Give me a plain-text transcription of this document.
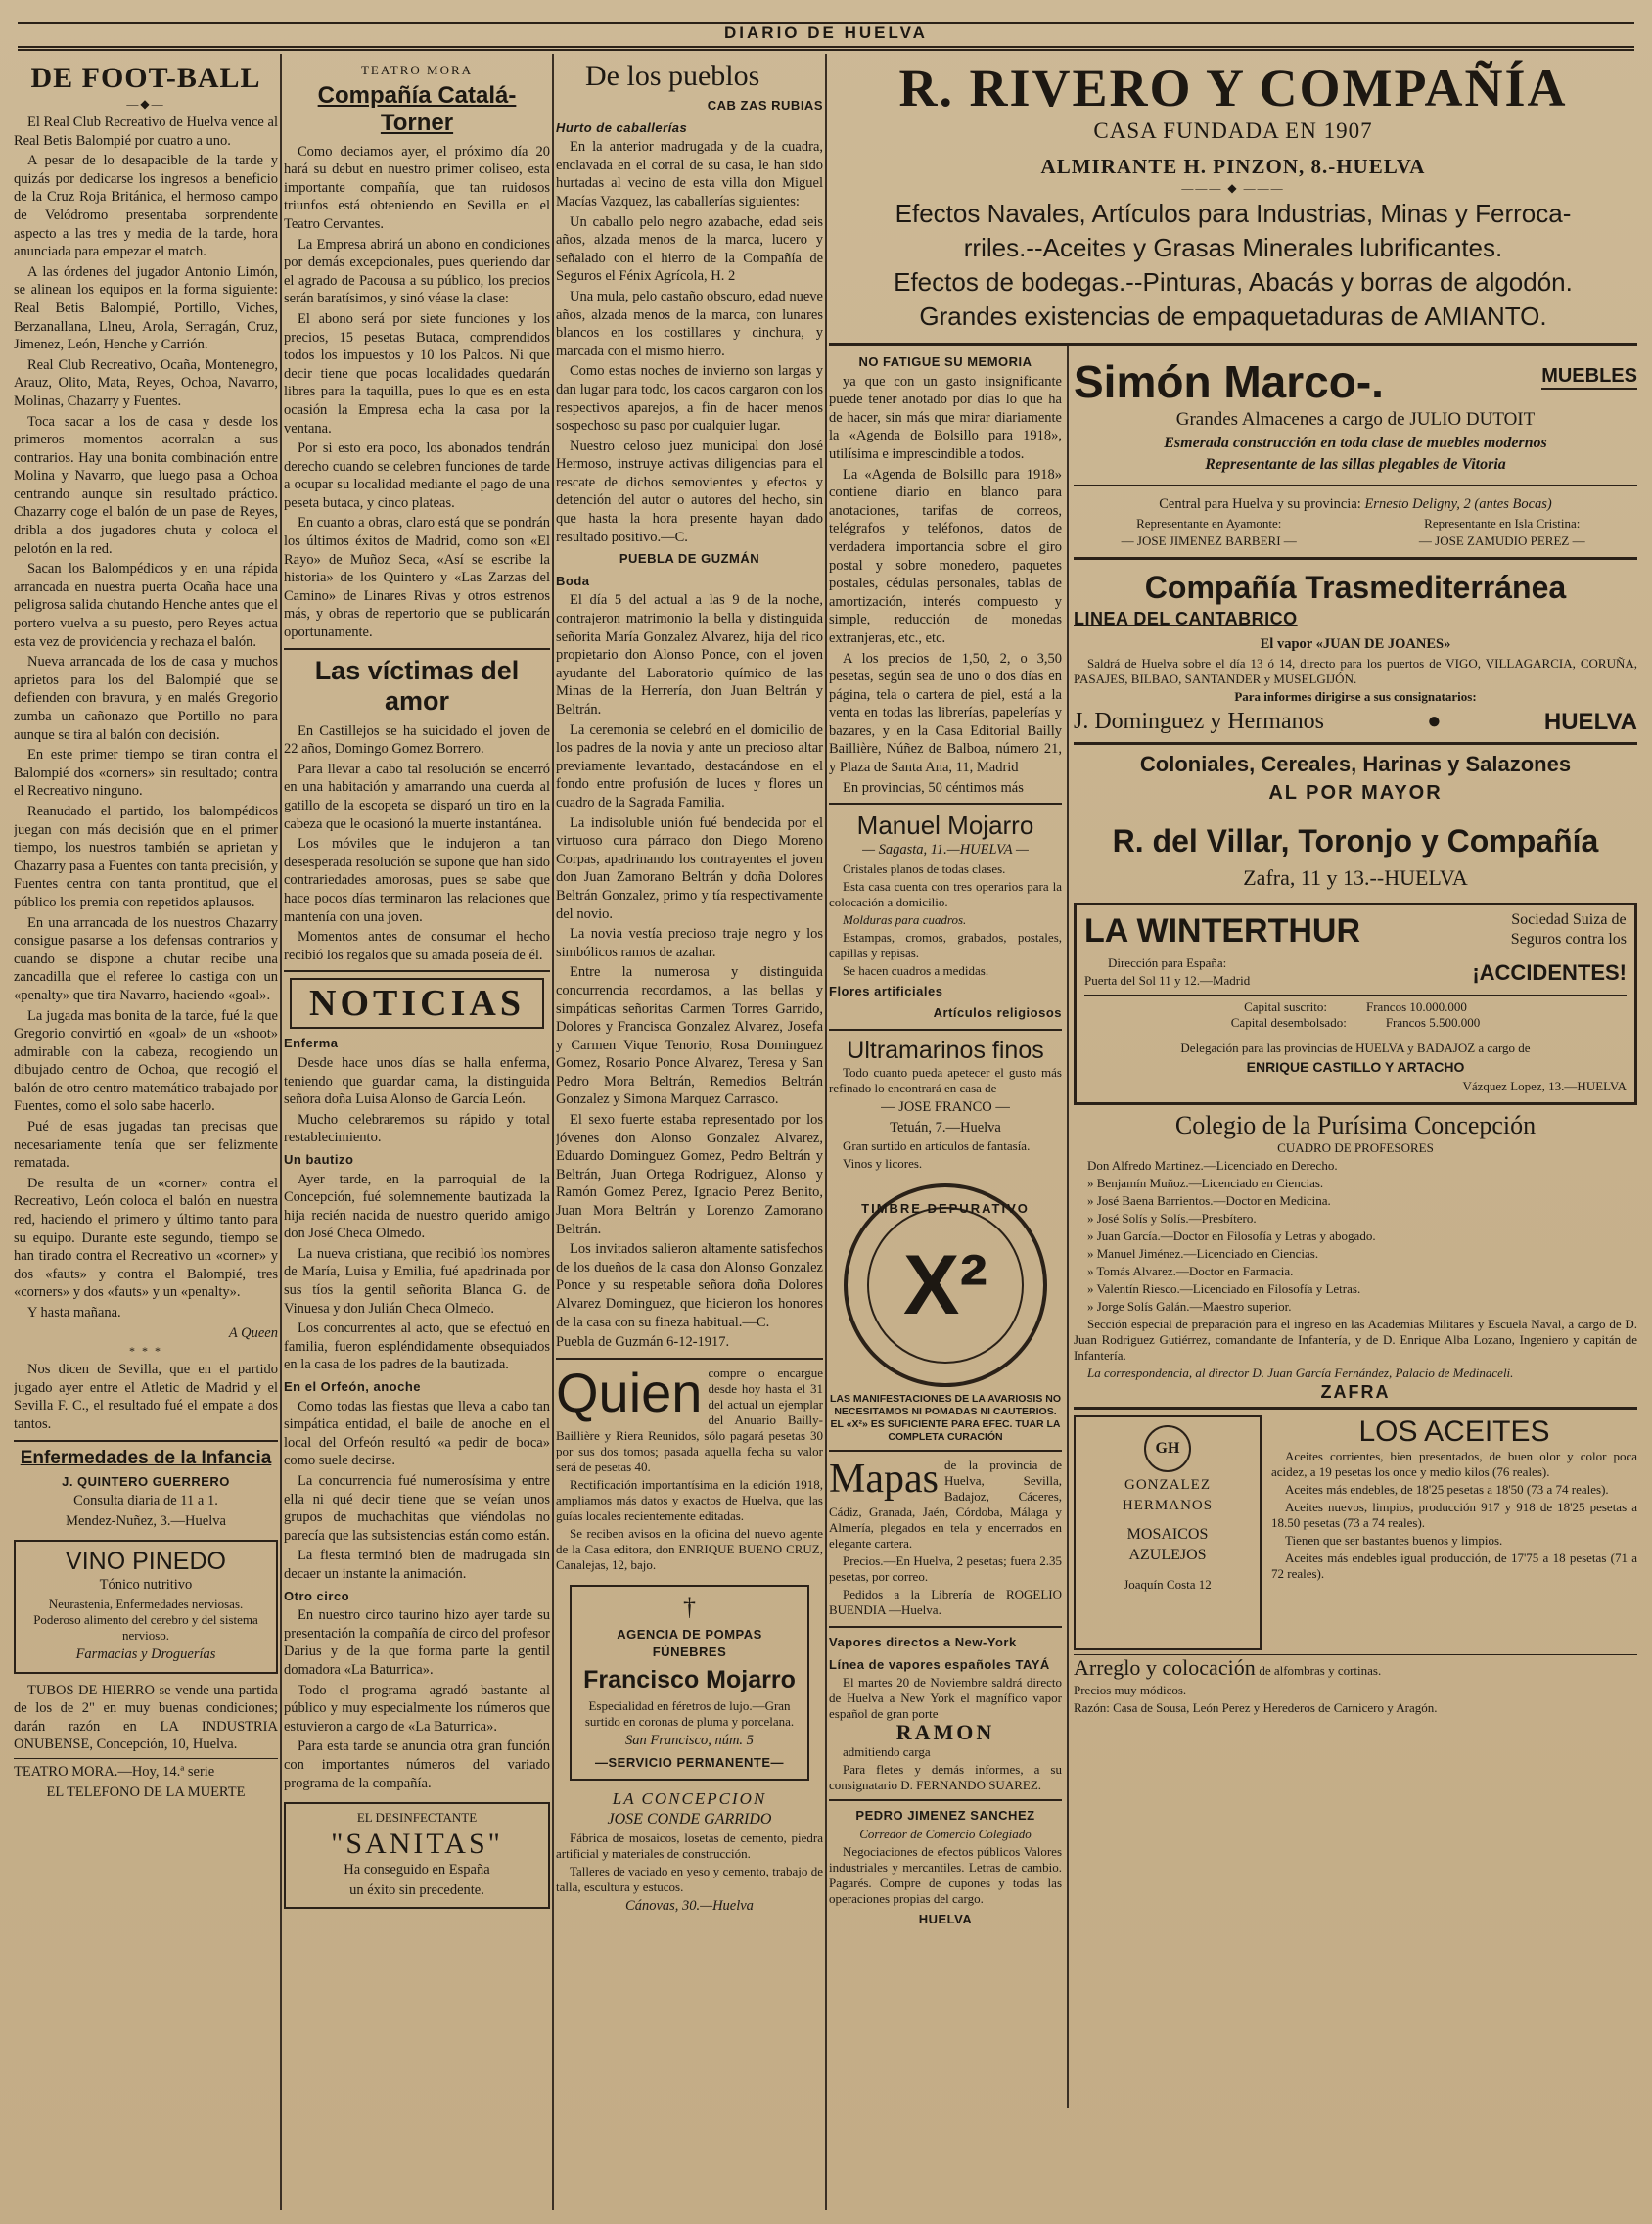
DIARIO DE HUELVA
DE FOOT-BALL
—◆—

El Real Club Recreativo de Huelva vence al Real Betis Balompié por cuatro a uno.

A pesar de lo desapacible de la tarde y quizás por dedicarse los ingresos a beneficio de la Cruz Roja Británica, el hermoso campo de Velódromo presentaba sorprendente aspecto a las tres y media de la tarde, hora anunciada para empezar el match.

A las órdenes del jugador Antonio Limón, se alinean los equipos en la forma siguiente: Real Betis Balompié, Portillo, Viches, Berzanallana, Llneu, Arola, Serragán, Cruz, Jimenez, León, Henche y Carrión.

Real Club Recreativo, Ocaña, Montenegro, Arauz, Olito, Mata, Reyes, Ochoa, Navarro, Molinas, Chazarry y Fuentes.

Toca sacar a los de casa y desde los primeros momentos acorralan a sus contrarios. Hay una bonita combinación entre Molina y Navarro, que luego pasa a Ochoa centrando aunque sin resultado práctico. Chazarry coge el balón de un pase de Reyes, dribla a dos jugadores chuta y coloca el pelotón en la red.

Sacan los Balompédicos y en una rápida arrancada en nuestra puerta Ocaña hace una peligrosa salida chutando Henche antes que el portero vuelva a su puesto, pero Reyes actua esta vez de providencia y rechaza el balón.

Nueva arrancada de los de casa y muchos aprietos para los del Balompié que se defienden con bravura, y en malés Gregorio zumba un cañonazo que Portillo no para aunque se tira al balón con decisión.

En este primer tiempo se tiran contra el Balompié dos «corners» sin resultado; contra el Recreativo ninguno.

Reanudado el partido, los balompédicos juegan con más decisión que en el primer tiempo, los nuestros también se aprietan y Chazarry pasa a Fuentes con tanta precisión, y Fuentes centra con tanta prontitud, que el público los premia con repetidos aplausos.

En una arrancada de los nuestros Chazarry consigue pasarse a los defensas contrarios y cuando se dispone a chutar recibe una zancadilla que el referee lo castiga con un «penalty» que tira Navarro, haciendo «goal».

La jugada mas bonita de la tarde, fué la que Gregorio convirtió en «goal» de un «shoot» admirable con la cabeza, recogiendo un dibujado centro de Ochoa, que recogió el balón de otro centro matemático trabajado por Fuentes, como el solo sabe hacerlo.

Pué de esas jugadas tan precisas que necesariamente tenía que ser felizmente rematada.

De resulta de un «corner» contra el Recreativo, León coloca el balón en nuestra red, haciendo el primero y último tanto para su equipo. Durante este segundo, tiempo se han tirado contra el Recreativo un «corner» y dos «fauts» y contra el Balompié, tres «corners» y dos «fauts» y un «penalty».

Y hasta mañana.

A Queen

* * *

Nos dicen de Sevilla, que en el partido jugado ayer entre el Atletic de Madrid y el Sevilla F. C., el resultado fué el empate a dos tantos.

Enfermedades de la Infancia

J. QUINTERO GUERRERO

Consulta diaria de 11 a 1.

Mendez-Nuñez, 3.—Huelva

VINO PINEDO

Tónico nutritivo

Neurastenia, Enfermedades nerviosas. Poderoso alimento del cerebro y del sistema nervioso.

Farmacias y Droguerías

TUBOS DE HIERRO se vende una partida de los de 2" en muy buenas condiciones; darán razón en LA INDUSTRIA ONUBENSE, Concepción, 10, Huelva.

TEATRO MORA.—Hoy, 14.ª serie

EL TELEFONO DE LA MUERTE

TEATRO MORA

Compañía Catalá-Torner

Como deciamos ayer, el próximo día 20 hará su debut en nuestro primer coliseo, esta importante compañía, que tan ruidosos triunfos está obteniendo en Sevilla en el Teatro Cervantes.

La Empresa abrirá un abono en condiciones por demás excepcionales, pues queriendo dar el agrado de Pacousa a su público, los precios serán baratísimos, y sinó véase la clase:

El abono será por siete funciones y los precios, 15 pesetas Butaca, comprendidos todos los impuestos y 10 los Palcos. Ni que decir tiene que pocas localidades quedarán libres para la taquilla, pues lo que es en esta ocasión la Empresa echa la casa por la ventana.

Por si esto era poco, los abonados tendrán derecho cuando se celebren funciones de tarde a ocupar su localidad mediante el pago de una peseta butaca, y cinco plateas.

En cuanto a obras, claro está que se pondrán los últimos éxitos de Madrid, como son «El Rayo» de Muñoz Seca, «Así se escribe la historia» de los Quintero y «Las Zarzas del Camino» de Linares Rivas y otros estrenos más, y obras de repertorio que se publicarán oportunamente.

Las víctimas del amor

En Castillejos se ha suicidado el joven de 22 años, Domingo Gomez Borrero.

Para llevar a cabo tal resolución se encerró en una habitación y amarrando una cuerda al gatillo de la escopeta se disparó un tiro en la cabeza que le ocasionó la muerte instantánea.

Los móviles que le indujeron a tan desesperada resolución se supone que han sido contrariedades amorosas, pues se sabe que hace pocos días terminaron las relaciones que mantenía con una joven.

Momentos antes de consumar el hecho recibió los regalos que su amada poseía de él.

NOTICIAS

Enferma

Desde hace unos días se halla enferma, teniendo que guardar cama, la distinguida señora doña Luisa Alonso de García León.

Mucho celebraremos su rápido y total restablecimiento.

Un bautizo

Ayer tarde, en la parroquial de la Concepción, fué solemnemente bautizada la hija recién nacida de nuestro querido amigo don José Checa Olmedo.

La nueva cristiana, que recibió los nombres de María, Luisa y Emilia, fué apadrinada por sus tíos la gentil señorita Blanca G. de Vinuesa y don Julián Checa Olmedo.

Los concurrentes al acto, que se efectuó en familia, fueron espléndidamente obsequiados en la casa de los padres de la bautizada.

En el Orfeón, anoche

Como todas las fiestas que lleva a cabo tan simpática entidad, el baile de anoche en el local del Orfeón resultó «a pedir de boca» como suele decirse.

La concurrencia fué numerosísima y entre ella ni qué decir tiene que se veían unos grupos de muchachitas que viéndolas no parecía que las subsistencias están como están.

La fiesta terminó bien de madrugada sin decaer un instante la animación.

Otro circo

En nuestro circo taurino hizo ayer tarde su presentación la compañía de circo del profesor Darius y de la que forma parte la gentil domadora «La Baturrica».

Todo el programa agradó bastante al público y muy especialmente los números que estuvieron a cargo de «La Baturrica».

Para esta tarde se anuncia otra gran función con importantes números del variado programa de la compañía.

EL DESINFECTANTE

"SANITAS"

Ha conseguido en España

un éxito sin precedente.

De los pueblos

CAB ZAS RUBIAS

Hurto de caballerías

En la anterior madrugada y de la cuadra, enclavada en el corral de su casa, le han sido hurtadas al vecino de esta villa don Miguel Macías Vazquez, las caballerías siguientes:

Un caballo pelo negro azabache, edad seis años, alzada menos de la marca, lucero y señalado con el hierro de la Compañía de Seguros el Fénix Agrícola, H. 2

Una mula, pelo castaño obscuro, edad nueve años, alzada menos de la marca, con lunares blancos en los costillares y cinchura, y marcada con el mismo hierro.

Como estas noches de invierno son largas y dan lugar para todo, los cacos cargaron con los respectivos aparejos, a fin de hacer menos sospechoso su paso por cualquier lugar.

Nuestro celoso juez municipal don José Hermoso, instruye activas diligencias para el rescate de dichos semovientes y efectos y detención del autor o autores del hecho, sin que hasta la hora presente hayan dado resultado positivo.—C.

PUEBLA DE GUZMÁN

Boda

El día 5 del actual a las 9 de la noche, contrajeron matrimonio la bella y distinguida señorita María Gonzalez Alvarez, hija del rico propietario don Alonso Ponce, con el joven ayudante del Laboratorio químico de las Minas de la Herrería, don Juan Beltrán y Beltrán.

La ceremonia se celebró en el domicilio de los padres de la novia y ante un precioso altar previamente levantado, destacándose en el fondo entre profusión de luces y flores un cuadro de la Sagrada Familia.

La indisoluble unión fué bendecida por el virtuoso cura párraco don Diego Moreno Corpas, apadrinando los contrayentes el joven don Juan Zamorano Beltrán y doña Dolores Beltrán Gonzalez, primo y tía respectivamente del novio.

La novia vestía precioso traje negro y los simbólicos ramos de azahar.

Entre la numerosa y distinguida concurrencia recordamos, a las bellas y simpáticas señoritas Carmen Torres Garrido, Dolores y Francisca Gonzalez Alvarez, Josefa y Carmen Vique Tenorio, Rosa Dominguez Gomez, Rosario Ponce Alvarez, Teresa y San Pedro Mora Beltrán, Remedios Beltrán Gonzalez y Simona Marquez Carrasco.

El sexo fuerte estaba representado por los jóvenes don Alonso Gonzalez Alvarez, Eduardo Dominguez Gomez, Pedro Beltrán y Beltrán, Juan Ortega Rodriguez, Alonso y Ramón Gomez Perez, Ignacio Perez Benito, Juan Mora Beltrán y Lorenzo Zamorano Beltrán.

Los invitados salieron altamente satisfechos de los dueños de la casa don Alonso Gonzalez Ponce y su respetable señora doña Dolores Alvarez Dominguez, que hicieron los honores de la casa con su fineza habitual.—C.

Puebla de Guzmán 6-12-1917.

Quien compre o encargue desde hoy hasta el 31 del actual un ejemplar del Anuario Bailly-Baillière y Riera Reunidos, sólo pagará pesetas 30 por sus dos tomos; pasada aquella fecha su valor será de pesetas 40.

Rectificación importantísima en la edición 1918, ampliamos más datos y exactos de Huelva, que las guías locales recientemente editadas.

Se reciben avisos en la oficina del nuevo agente de la Casa editora, don ENRIQUE BUENO CRUZ, Canalejas, 12, bajo.

†

AGENCIA DE POMPAS FÚNEBRES

Francisco Mojarro

Especialidad en féretros de lujo.—Gran surtido en coronas de pluma y porcelana.

San Francisco, núm. 5

—SERVICIO PERMANENTE—

LA CONCEPCION

JOSE CONDE GARRIDO

Fábrica de mosaicos, losetas de cemento, piedra artificial y materiales de construcción.

Talleres de vaciado en yeso y cemento, trabajo de talla, escultura y estucos.

Cánovas, 30.—Huelva

R. RIVERO Y COMPAÑÍA

CASA FUNDADA EN 1907

ALMIRANTE H. PINZON, 8.-HUELVA

——— ◆ ———

Efectos Navales, Artículos para Industrias, Minas y Ferroca-

rriles.--Aceites y Grasas Minerales lubrificantes.

Efectos de bodegas.--Pinturas, Abacás y borras de algodón.

Grandes existencias de empaquetaduras de AMIANTO.

NO FATIGUE SU MEMORIA

ya que con un gasto insignificante puede tener anotado por días lo que ha de hacer, sin más que mirar diariamente la «Agenda de Bolsillo para 1918», utilísima e imprescindible a todos.

La «Agenda de Bolsillo para 1918» contiene diario en blanco para anotaciones, tarifas de correos, telégrafos y teléfonos, datos de verdadera importancia sobre el giro postal y sobre monedero, paquetes postales, cédulas personales, tablas de amortización, interés compuesto y simple, reducción de monedas extranjeras, etc., etc.

A los precios de 1,50, 2, o 3,50 pesetas, según sea de uno o dos días en página, tela o cartera de piel, está a la venta en todas las librerías, papelerías y bazares, y en la Casa Editorial Bailly Baillière, Núñez de Balboa, número 21, y Plaza de Santa Ana, 11, Madrid

En provincias, 50 céntimos más

Manuel Mojarro

— Sagasta, 11.—HUELVA —

Cristales planos de todas clases.

Esta casa cuenta con tres operarios para la colocación a domicilio.

Molduras para cuadros.

Estampas, cromos, grabados, postales, capillas y repisas.

Se hacen cuadros a medidas.

Flores artificiales

Artículos religiosos

Ultramarinos finos

Todo cuanto pueda apetecer el gusto más refinado lo encontrará en casa de

— JOSE FRANCO —

Tetuán, 7.—Huelva

Gran surtido en artículos de fantasía.

Vinos y licores.

TIMBRE DEPURATIVO
X²

LAS MANIFESTACIONES DE LA AVARIOSIS NO NECESITAMOS NI POMADAS NI CAUTERIOS. EL «X²» ES SUFICIENTE PARA EFEC. TUAR LA COMPLETA CURACIÓN

Mapas de la provincia de Huelva, Sevilla, Badajoz, Cáceres, Cádiz, Granada, Jaén, Córdoba, Málaga y Almería, plegados en tela y encerrados en elegante cartera.

Precios.—En Huelva, 2 pesetas; fuera 2.35 pesetas, por correo.

Pedidos a la Librería de ROGELIO BUENDIA —Huelva.

Vapores directos a New-York

Línea de vapores españoles TAYÁ

El martes 20 de Noviembre saldrá directo de Huelva a New York el magnífico vapor español de gran porte

RAMON

admitiendo carga

Para fletes y demás informes, a su consignatario D. FERNANDO SUAREZ.

PEDRO JIMENEZ SANCHEZ

Corredor de Comercio Colegiado

Negociaciones de efectos públicos Valores industriales y mercantiles. Letras de cambio. Pagarés. Compre de cupones y todas las operaciones propias del cargo.

HUELVA

Simón Marco-.	MUEBLES

Grandes Almacenes a cargo de JULIO DUTOIT

Esmerada construcción en toda clase de muebles modernos

Representante de las sillas plegables de Vitoria

Central para Huelva y su provincia: Ernesto Deligny, 2 (antes Bocas)

Representante en Ayamonte:

— JOSE JIMENEZ BARBERI —

Representante en Isla Cristina:

— JOSE ZAMUDIO PEREZ —

Compañía Trasmediterránea

LINEA DEL CANTABRICO

El vapor «JUAN DE JOANES»

Saldrá de Huelva sobre el día 13 ó 14, directo para los puertos de VIGO, VILLAGARCIA, CORUÑA, PASAJES, BILBAO, SANTANDER y MUSELGIJÓN.

Para informes dirigirse a sus consignatarios:

J. Dominguez y Hermanos	●	HUELVA

Coloniales, Cereales, Harinas y Salazones

AL POR MAYOR

R. del Villar, Toronjo y Compañía

Zafra, 11 y 13.--HUELVA

LA WINTERTHUR	Sociedad Suiza de

Seguros contra los

Dirección para España:

Puerta del Sol 11 y 12.—Madrid	¡ACCIDENTES!
Capital suscrito:	Francos 10.000.000
Capital desembolsado:	Francos 5.500.000

Delegación para las provincias de HUELVA y BADAJOZ a cargo de

ENRIQUE CASTILLO Y ARTACHO

Vázquez Lopez, 13.—HUELVA

Colegio de la Purísima Concepción

CUADRO DE PROFESORES

Don Alfredo Martinez.—Licenciado en Derecho.

» Benjamín Muñoz.—Licenciado en Ciencias.

» José Baena Barrientos.—Doctor en Medicina.

» José Solís y Solís.—Presbítero.

» Juan García.—Doctor en Filosofía y Letras y abogado.

» Manuel Jiménez.—Licenciado en Ciencias.

» Tomás Alvarez.—Doctor en Farmacia.

» Valentín Riesco.—Licenciado en Filosofía y Letras.

» Jorge Solís Galán.—Maestro superior.

Sección especial de preparación para el ingreso en las Academias Militares y Escuela Naval, a cargo de D. Juan Rodriguez Gutiérrez, comandante de Infantería, y de D. Enrique Alba Lozano, Ingeniero y capitán de Infantería.

La correspondencia, al director D. Juan García Fernández, Palacio de Medinaceli.

ZAFRA

GH

GONZALEZ

HERMANOS

MOSAICOS

AZULEJOS

Joaquín Costa 12

LOS ACEITES

Aceites corrientes, bien presentados, de buen olor y color poca acidez, a 19 pesetas los once y medio kilos (76 reales).

Aceites más endebles, de 18'25 pesetas a 18'50 (73 a 74 reales).

Aceites nuevos, limpios, producción 917 y 918 de 18'25 pesetas a 18.50 pesetas (73 a 74 reales).

Tienen que ser bastantes buenos y limpios.

Aceites más endebles igual producción, de 17'75 a 18 pesetas (71 a 72 reales).

Arreglo y colocación de alfombras y cortinas.

Precios muy módicos.

Razón: Casa de Sousa, León Perez y Herederos de Carnicero y Aragón.
